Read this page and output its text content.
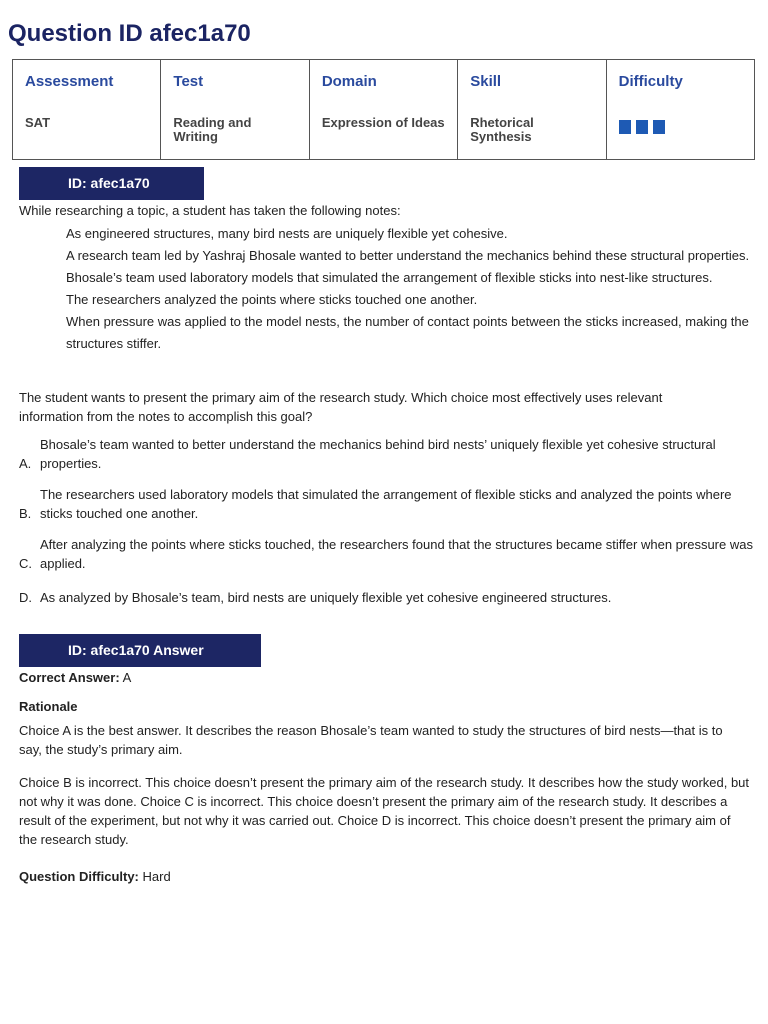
Question ID afec1a70
Assessment
SAT
Test
Reading and Writing
Domain
Expression of Ideas
Skill
Rhetorical Synthesis
Difficulty
ID: afec1a70
While researching a topic, a student has taken the following notes:

As engineered structures, many bird nests are uniquely flexible yet cohesive.

A research team led by Yashraj Bhosale wanted to better understand the mechanics behind these structural properties.

Bhosale’s team used laboratory models that simulated the arrangement of flexible sticks into nest-like structures.

The researchers analyzed the points where sticks touched one another.

When pressure was applied to the model nests, the number of contact points between the sticks increased, making the structures stiffer.

The student wants to present the primary aim of the research study. Which choice most effectively uses relevant information from the notes to accomplish this goal?
A.
Bhosale’s team wanted to better understand the mechanics behind bird nests’ uniquely flexible yet cohesive structural properties.
B.
The researchers used laboratory models that simulated the arrangement of flexible sticks and analyzed the points where sticks touched one another.
C.
After analyzing the points where sticks touched, the researchers found that the structures became stiffer when pressure was applied.
D. As analyzed by Bhosale’s team, bird nests are uniquely flexible yet cohesive engineered structures.
ID: afec1a70 Answer
Correct Answer: A
Rationale
Choice A is the best answer. It describes the reason Bhosale’s team wanted to study the structures of bird nests—that is to say, the study’s primary aim.
Choice B is incorrect. This choice doesn’t present the primary aim of the research study. It describes how the study worked, but not why it was done. Choice C is incorrect. This choice doesn’t present the primary aim of the research study. It describes a result of the experiment, but not why it was carried out. Choice D is incorrect. This choice doesn’t present the primary aim of the research study.
Question Difficulty: Hard
